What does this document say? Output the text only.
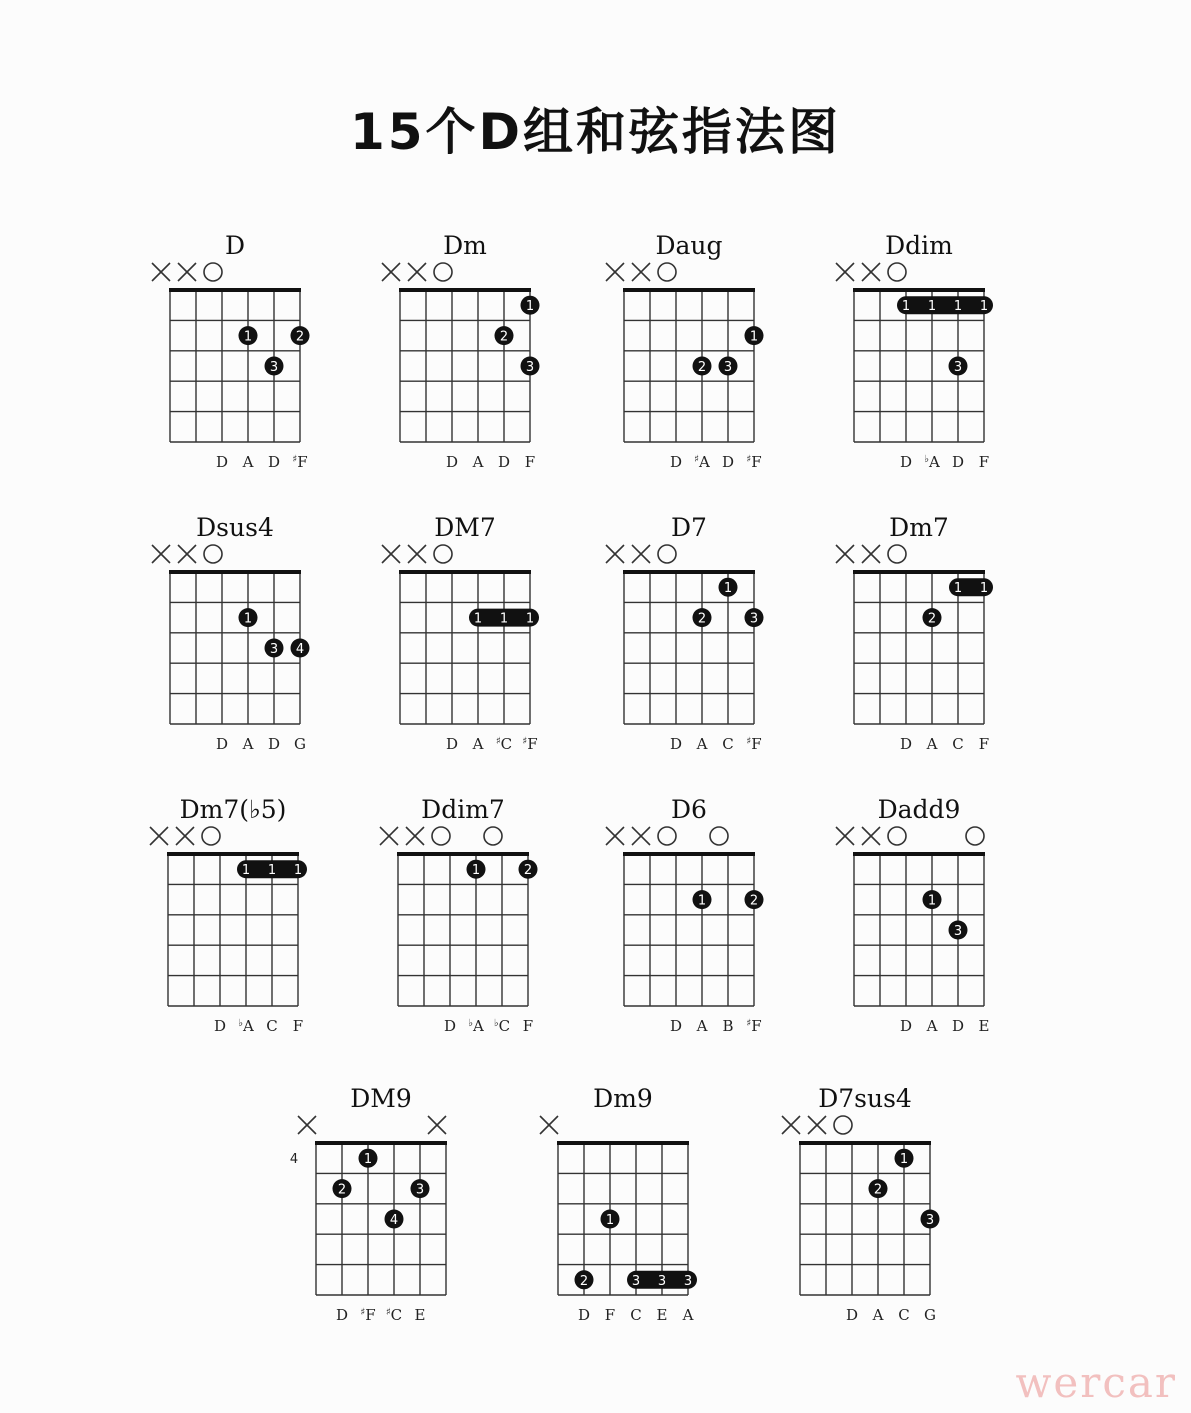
15个D组和弦指法图
D
1	2
3
D A D ♯F
Dm
1
2
3
D A D F
Daug
1
2 3
D ♯A D ♯F
Ddim
1 1 1 1
3
D ♭A D F
Dsus4
1
3 4
D A D G
DM7
1 1 1
D A ♯C ♯F
D7
1
2	3
D A C ♯F
Dm7
1 1
2
D A C F
Dm7(♭5)
1 1 1
D ♭A C F
Ddim7
1	2
D ♭A ♭C F
D6
1	2
D A B ♯F
Dadd9
1
3
D A D E
DM9
4	1
2	3
4
D ♯F ♯C E
Dm9
3 3 3
1
2
D F C E A
D7sus4
1
2
3
D A C G
wercar
